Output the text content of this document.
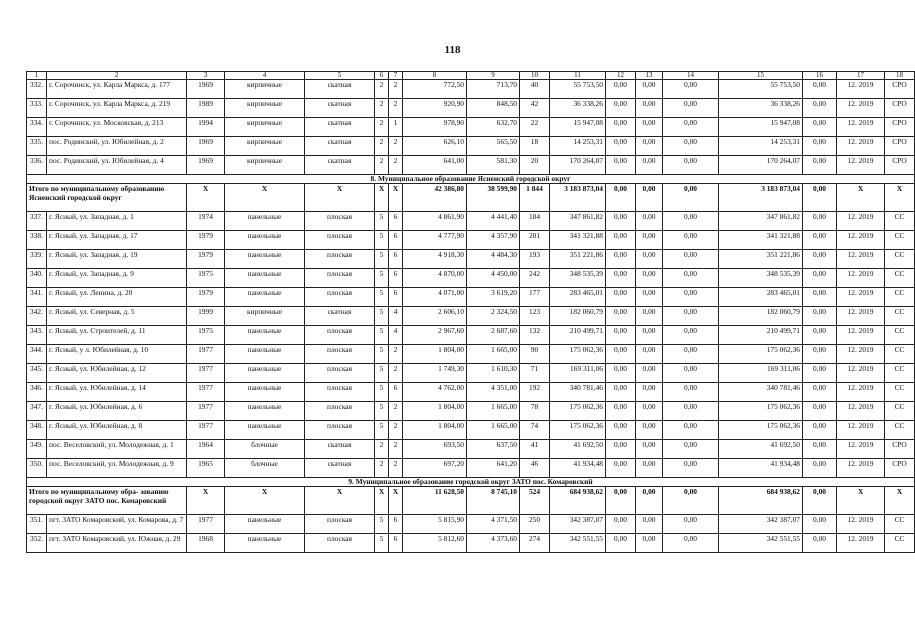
118
1	2	3	4	5	6	7	8	9	10	11	12	13	14	15	16	17	18
332.	г. Сорочинск, ул. Карла Маркса, д. 177	1969	кирпичные	скатная	2	2	772,50	713,70	40	55 753,50	0,00	0,00	0,00	55 753,50	0,00	12. 2019	СРО
333.	г. Сорочинск, ул. Карла Маркса, д. 219	1989	кирпичные	скатная	2	2	920,90	848,50	42	36 338,26	0,00	0,00	0,00	36 338,26	0,00	12. 2019	СРО
334.	г. Сорочинск, ул. Московская, д. 213	1994	кирпичные	скатная	2	1	978,90	632,70	22	15 947,08	0,00	0,00	0,00	15 947,08	0,00	12. 2019	СРО
335.	пос. Родинский, ул. Юбилейная, д. 2	1969	кирпичные	скатная	2	2	626,10	565,50	18	14 253,31	0,00	0,00	0,00	14 253,31	0,00	12. 2019	СРО
336.	пос. Родинский, ул. Юбилейная, д. 4	1969	кирпичные	скатная	2	2	641,00	581,30	20	170 264,07	0,00	0,00	0,00	170 264,07	0,00	12. 2019	СРО
8. Муниципальное образование Ясненский городской округ																	
Итого по муниципальному образованию Ясненский городской округ		X	X	X	X	X	42 386,80	38 599,90	1 844	3 183 873,04	0,00	0,00	0,00	3 183 873,04	0,00	X	X
337.	г. Ясный, ул. Западная, д. 1	1974	панельные	плоская	5	6	4 861,90	4 441,40	184	347 861,82	0,00	0,00	0,00	347 861,82	0,00	12. 2019	СС
338.	г. Ясный, ул. Западная, д. 17	1979	панельные	плоская	5	6	4 777,90	4 357,90	201	341 321,88	0,00	0,00	0,00	341 321,88	0,00	12. 2019	СС
339.	г. Ясный, ул. Западная, д. 19	1979	панельные	плоская	5	6	4 918,30	4 484,30	193	351 221,86	0,00	0,00	0,00	351 221,86	0,00	12. 2019	СС
340.	г. Ясный, ул. Западная, д. 9	1975	панельные	плоская	5	6	4 870,00	4 450,00	242	348 535,39	0,00	0,00	0,00	348 535,39	0,00	12. 2019	СС
341.	г. Ясный, ул. Ленина, д. 20	1979	панельные	плоская	5	6	4 071,00	3 619,20	177	283 465,01	0,00	0,00	0,00	283 465,01	0,00	12. 2019	СС
342.	г. Ясный, ул. Северная, д. 5	1999	кирпичные	скатная	5	4	2 606,10	2 324,50	123	182 060,79	0,00	0,00	0,00	182 060,79	0,00	12. 2019	СС
343.	г. Ясный, ул. Строителей, д. 11	1975	панельные	плоская	5	4	2 967,60	2 687,60	132	210 499,71	0,00	0,00	0,00	210 499,71	0,00	12. 2019	СС
344.	г. Ясный, у л. Юбилейная, д. 10	1977	панельные	плоская	5	2	1 804,00	1 665,00	90	175 062,36	0,00	0,00	0,00	175 062,36	0,00	12. 2019	СС
345.	г. Ясный, ул. Юбилейная, д. 12	1977	панельные	плоская	5	2	1 749,30	1 610,30	71	169 311,06	0,00	0,00	0,00	169 311,06	0,00	12. 2019	СС
346.	г. Ясный, ул. Юбилейная, д. 14	1977	панельные	плоская	5	6	4 762,00	4 351,00	192	340 781,46	0,00	0,00	0,00	340 781,46	0,00	12. 2019	СС
347.	г. Ясный, ул. Юбилейная, д. 6	1977	панельные	плоская	5	2	1 804,00	1 665,00	78	175 062,36	0,00	0,00	0,00	175 062,36	0,00	12. 2019	СС
348.	г. Ясный, ул. Юбилейная, д. 8	1977	панельные	плоская	5	2	1 804,00	1 665,00	74	175 062,36	0,00	0,00	0,00	175 062,36	0,00	12. 2019	СС
349.	пос. Веселовский, ул. Молодежная, д. 1	1964	блочные	скатная	2	2	693,50	637,50	41	41 692,50	0,00	0,00	0,00	41 692,50	0,00	12. 2019	СРО
350.	пос. Веселовский, ул. Молодежная, д. 9	1965	блочные	скатная	2	2	697,20	641,20	46	41 934,48	0,00	0,00	0,00	41 934,48	0,00	12. 2019	СРО
9. Муниципальное образование городской округ ЗАТО пос. Комаровский																	
Итого по муниципальному обра- зованию городской округ ЗАТО пос. Комаровский		X	X	X	X	X	11 628,50	8 745,10	524	684 938,62	0,00	0,00	0,00	684 938,62	0,00	X	X
351.	пгт. ЗАТО Комаровский, ул. Комарова, д. 7	1977	панельные	плоская	5	6	5 815,90	4 371,50	250	342 387,07	0,00	0,00	0,00	342 387,07	0,00	12. 2019	СС
352.	пгт. ЗАТО Комаровский, ул. Южная, д. 29	1968	панельные	плоская	5	6	5 812,60	4 373,60	274	342 551,55	0,00	0,00	0,00	342 551,55	0,00	12. 2019	СС
